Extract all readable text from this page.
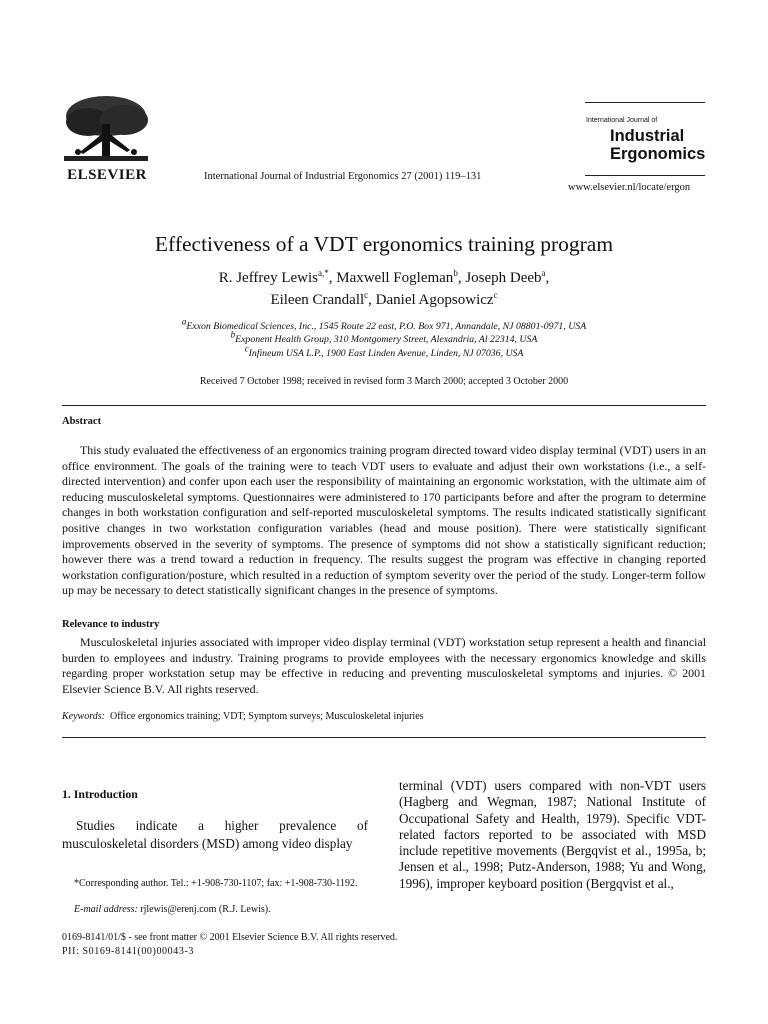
ELSEVIER	International Journal of Industrial Ergonomics 27 (2001) 119–131
International Journal of
Industrial
Ergonomics
www.elsevier.nl/locate/ergon
Effectiveness of a VDT ergonomics training program
R. Jeffrey Lewis$^{a,*}$, Maxwell Fogleman$^b$, Joseph Deeb$^a$,
Eileen Crandall$^c$, Daniel Agopsowicz$^c$
$^a$Exxon Biomedical Sciences, Inc., 1545 Route 22 east, P.O. Box 971, Annandale, NJ 08801-0971, USA
$^b$Exponent Health Group, 310 Montgomery Street, Alexandria, Al 22314, USA
$^c$Infineum USA L.P., 1900 East Linden Avenue, Linden, NJ 07036, USA
Received 7 October 1998; received in revised form 3 March 2000; accepted 3 October 2000
Abstract
This study evaluated the effectiveness of an ergonomics training program directed toward video display terminal (VDT) users in an office environment. The goals of the training were to teach VDT users to evaluate and adjust their own workstations (i.e., a self-directed intervention) and confer upon each user the responsibility of maintaining an ergonomic workstation, with the ultimate aim of reducing musculoskeletal symptoms. Questionnaires were administered to 170 participants before and after the program to determine changes in both workstation configuration and self-reported musculoskeletal symptoms. The results indicated statistically significant positive changes in two workstation configuration variables (head and mouse position). There were statistically significant improvements observed in the severity of symptoms. The presence of symptoms did not show a statistically significant reduction; however there was a trend toward a reduction in frequency. The results suggest the program was effective in changing reported workstation configuration/posture, which resulted in a reduction of symptom severity over the period of the study. Longer-term follow up may be necessary to detect statistically significant changes in the presence of symptoms.
Relevance to industry
Musculoskeletal injuries associated with improper video display terminal (VDT) workstation setup represent a health and financial burden to employees and industry. Training programs to provide employees with the necessary ergonomics knowledge and skills regarding proper workstation setup may be effective in reducing and preventing musculoskeletal symptoms and injuries. © 2001 Elsevier Science B.V. All rights reserved.
Keywords: Office ergonomics training; VDT; Symptom surveys; Musculoskeletal injuries
1. Introduction
Studies indicate a higher prevalence of musculoskeletal disorders (MSD) among video display
terminal (VDT) users compared with non-VDT users (Hagberg and Wegman, 1987; National Institute of Occupational Safety and Health, 1979). Specific VDT-related factors reported to be associated with MSD include repetitive movements (Bergqvist et al., 1995a, b; Jensen et al., 1998; Putz-Anderson, 1988; Yu and Wong, 1996), improper keyboard position (Bergqvist et al.,
*Corresponding author. Tel.: +1-908-730-1107; fax: +1-908-730-1192.
E-mail address: rjlewis@erenj.com (R.J. Lewis).
0169-8141/01/$ - see front matter © 2001 Elsevier Science B.V. All rights reserved.
PII: S0169-8141(00)00043-3
